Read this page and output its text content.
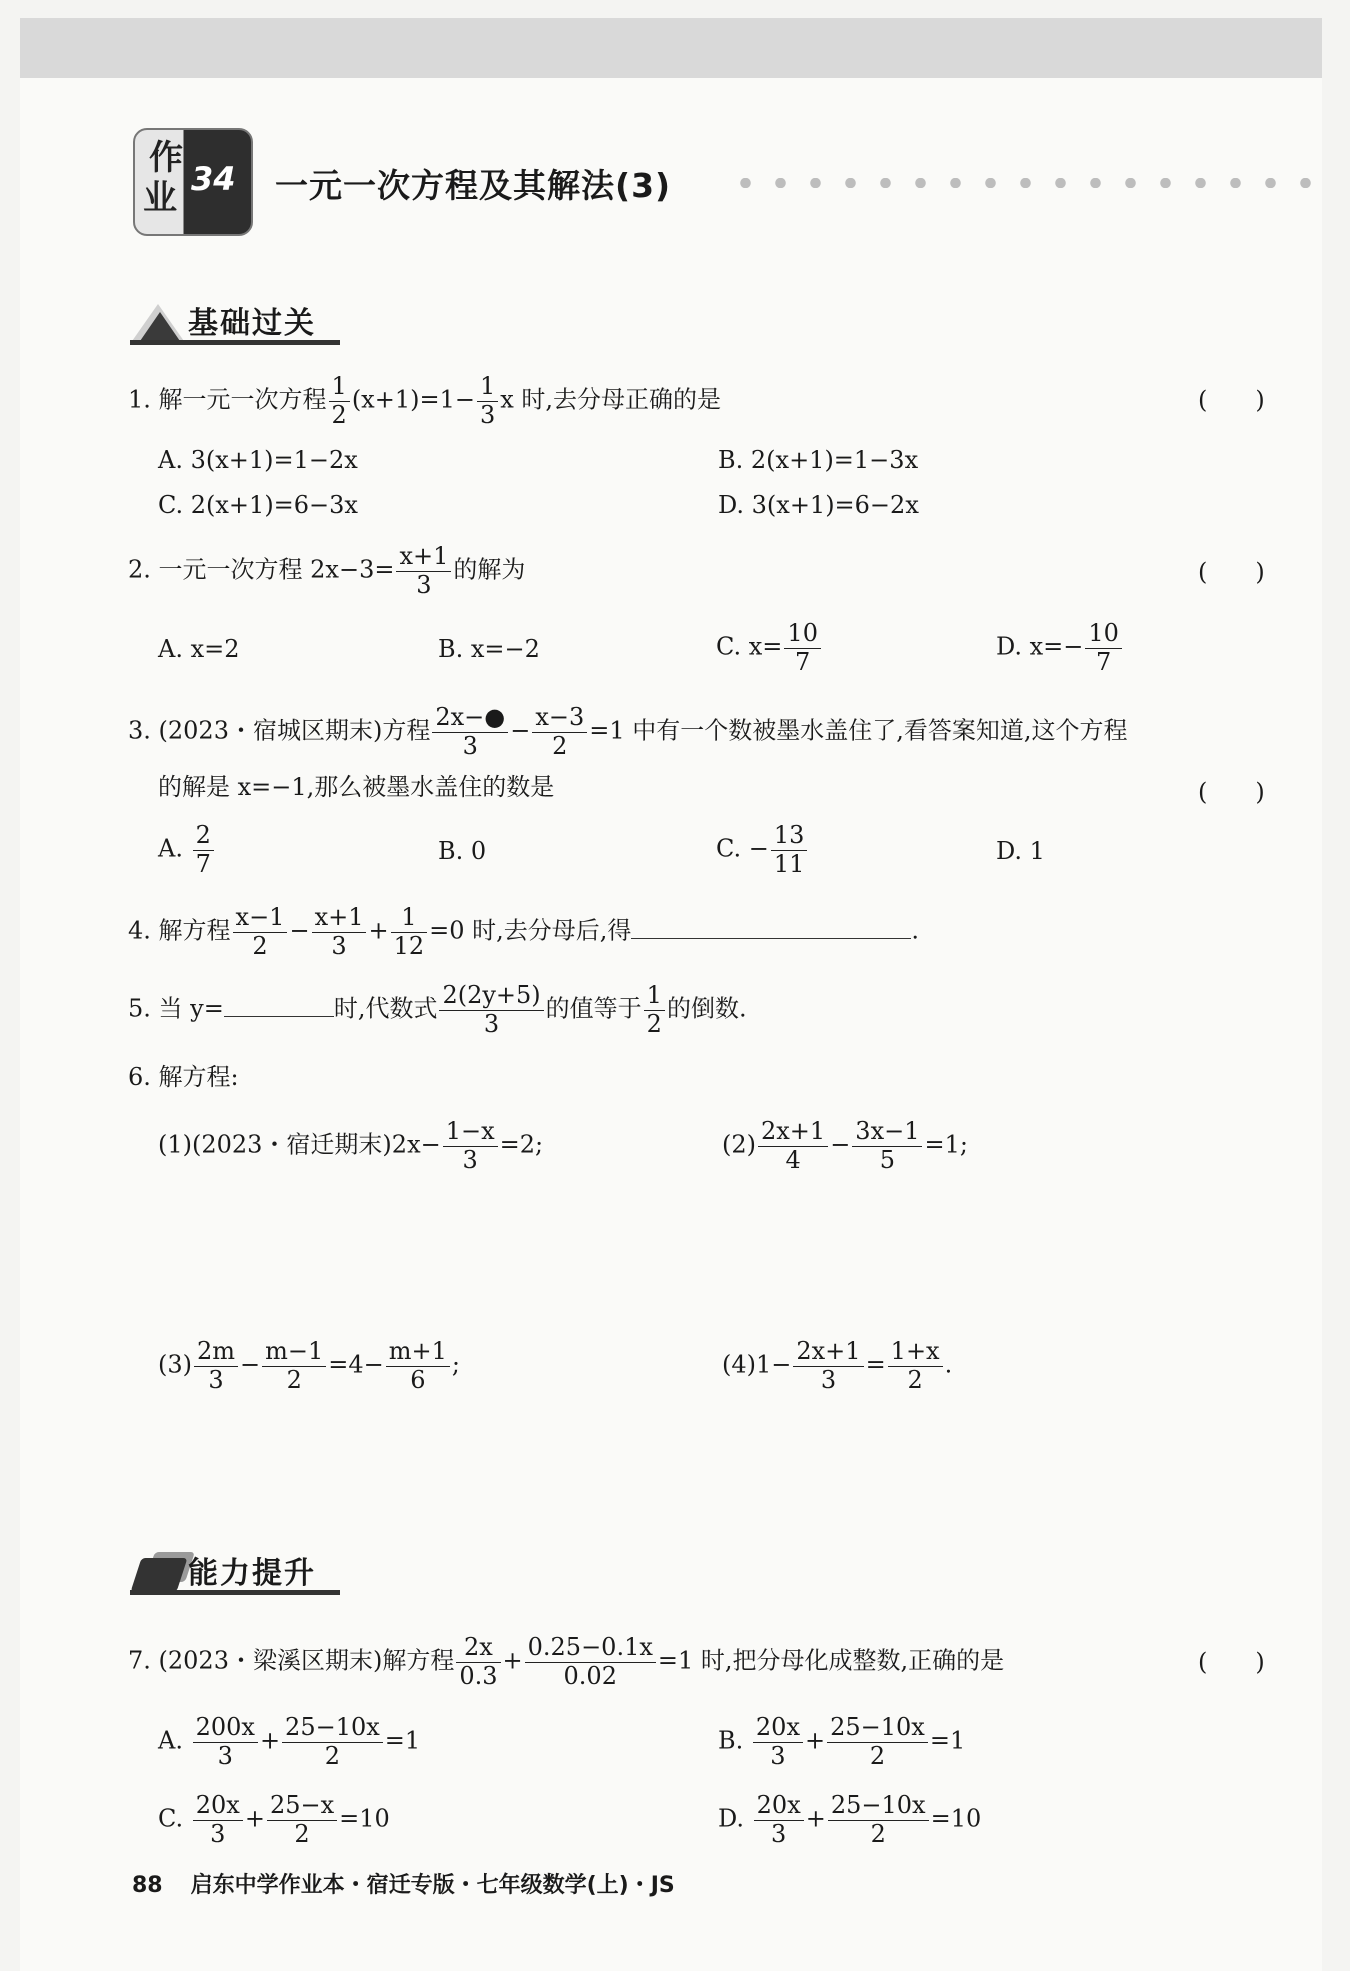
作
业 34 一元一次方程及其解法(3)
基础过关
1. 解一元一次方程 $\frac{1}{2} (x+1)=1- \frac{1}{3}$ x 时,去分母正确的是	(　　)
A. 3(x+1)=1−2x	B. 2(x+1)=1−3x
C. 2(x+1)=6−3x	D. 3(x+1)=6−2x
2. 一元一次方程 $2x-3= \frac{x+1}{3}$ 的解为	(　　)
A. x=2	B. x=−2	C. $x= \frac{10}{7}$	D. $x=- \frac{10}{7}$
3. (2023・宿城区期末)方程 $\frac{2x-●}{3} - \frac{x-3}{2} =1$ 中有一个数被墨水盖住了,看答案知道,这个方程
的解是 x=−1,那么被墨水盖住的数是	(　　)
A. $\frac{2}{7}$	B. 0	C. − $\frac{13}{11}$	D. 1
4. 解方程 $\frac{x-1}{2} - \frac{x+1}{3} + \frac{1}{12} =0$ 时,去分母后,得	.
5. 当 y=	时,代数式 $\frac{2(2y+5)}{3}$ 的值等于 $\frac{1}{2}$ 的倒数.
6. 解方程:
(1)(2023・宿迁期末)$2x- \frac{1-x}{3} =2$;	$(2) \frac{2x+1}{4} - \frac{3x-1}{5} =1$;
$(3) \frac{2m}{3} - \frac{m-1}{2} =4- \frac{m+1}{6}$ ;	$(4)1- \frac{2x+1}{3} = \frac{1+x}{2}$ .
能力提升
7. (2023・梁溪区期末)解方程 $\frac{2x}{0.3} + \frac{0.25-0.1x}{0.02} =1$ 时,把分母化成整数,正确的是	(　　)
A. $\frac{200x}{3} + \frac{25-10x}{2} =1$	B. $\frac{20x}{3} + \frac{25-10x}{2} =1$
C. $\frac{20x}{3} + \frac{25-x}{2} =10$	D. $\frac{20x}{3} + \frac{25-10x}{2} =10$
88 启东中学作业本・宿迁专版・七年级数学(上)・JS
